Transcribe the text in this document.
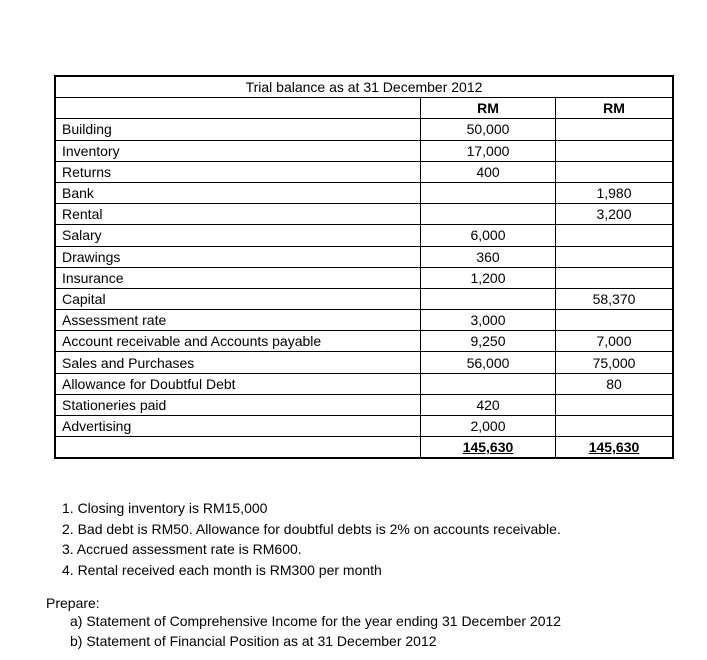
Trial balance as at 31 December 2012		
	RM	RM
Building	50,000	
Inventory	17,000	
Returns	400	
Bank		1,980
Rental		3,200
Salary	6,000	
Drawings	360	
Insurance	1,200	
Capital		58,370
Assessment rate	3,000	
Account receivable and Accounts payable	9,250	7,000
Sales and Purchases	56,000	75,000
Allowance for Doubtful Debt		80
Stationeries paid	420	
Advertising	2,000	
	145,630	145,630
1. Closing inventory is RM15,000
2. Bad debt is RM50. Allowance for doubtful debts is 2% on accounts receivable.
3. Accrued assessment rate is RM600.
4. Rental received each month is RM300 per month
Prepare:
a) Statement of Comprehensive Income for the year ending 31 December 2012
b) Statement of Financial Position as at 31 December 2012
